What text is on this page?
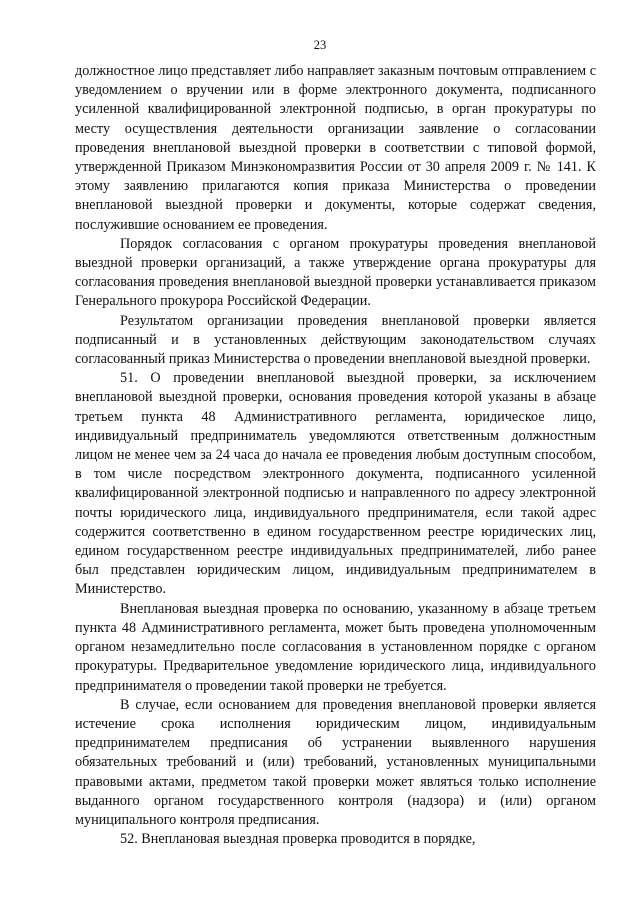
23

должностное лицо представляет либо направляет заказным почтовым отправлением с уведомлением о вручении или в форме электронного документа, подписанного усиленной квалифицированной электронной подписью, в орган прокуратуры по месту осуществления деятельности организации заявление о согласовании проведения внеплановой выездной проверки в соответствии с типовой формой, утвержденной Приказом Минэкономразвития России от 30 апреля 2009 г. № 141. К этому заявлению прилагаются копия приказа Министерства о проведении внеплановой выездной проверки и документы, которые содержат сведения, послужившие основанием ее проведения.

Порядок согласования с органом прокуратуры проведения внеплановой выездной проверки организаций, а также утверждение органа прокуратуры для согласования проведения внеплановой выездной проверки устанавливается приказом Генерального прокурора Российской Федерации.

Результатом организации проведения внеплановой проверки является подписанный и в установленных действующим законодательством случаях согласованный приказ Министерства о проведении внеплановой выездной проверки.

51. О проведении внеплановой выездной проверки, за исключением внеплановой выездной проверки, основания проведения которой указаны в абзаце третьем пункта 48 Административного регламента, юридическое лицо, индивидуальный предприниматель уведомляются ответственным должностным лицом не менее чем за 24 часа до начала ее проведения любым доступным способом, в том числе посредством электронного документа, подписанного усиленной квалифицированной электронной подписью и направленного по адресу электронной почты юридического лица, индивидуального предпринимателя, если такой адрес содержится соответственно в едином государственном реестре юридических лиц, едином государственном реестре индивидуальных предпринимателей, либо ранее был представлен юридическим лицом, индивидуальным предпринимателем в Министерство.

Внеплановая выездная проверка по основанию, указанному в абзаце третьем пункта 48 Административного регламента, может быть проведена уполномоченным органом незамедлительно после согласования в установленном порядке с органом прокуратуры. Предварительное уведомление юридического лица, индивидуального предпринимателя о проведении такой проверки не требуется.

В случае, если основанием для проведения внеплановой проверки является истечение срока исполнения юридическим лицом, индивидуальным предпринимателем предписания об устранении выявленного нарушения обязательных требований и (или) требований, установленных муниципальными правовыми актами, предметом такой проверки может являться только исполнение выданного органом государственного контроля (надзора) и (или) органом муниципального контроля предписания.

52. Внеплановая выездная проверка проводится в порядке,
